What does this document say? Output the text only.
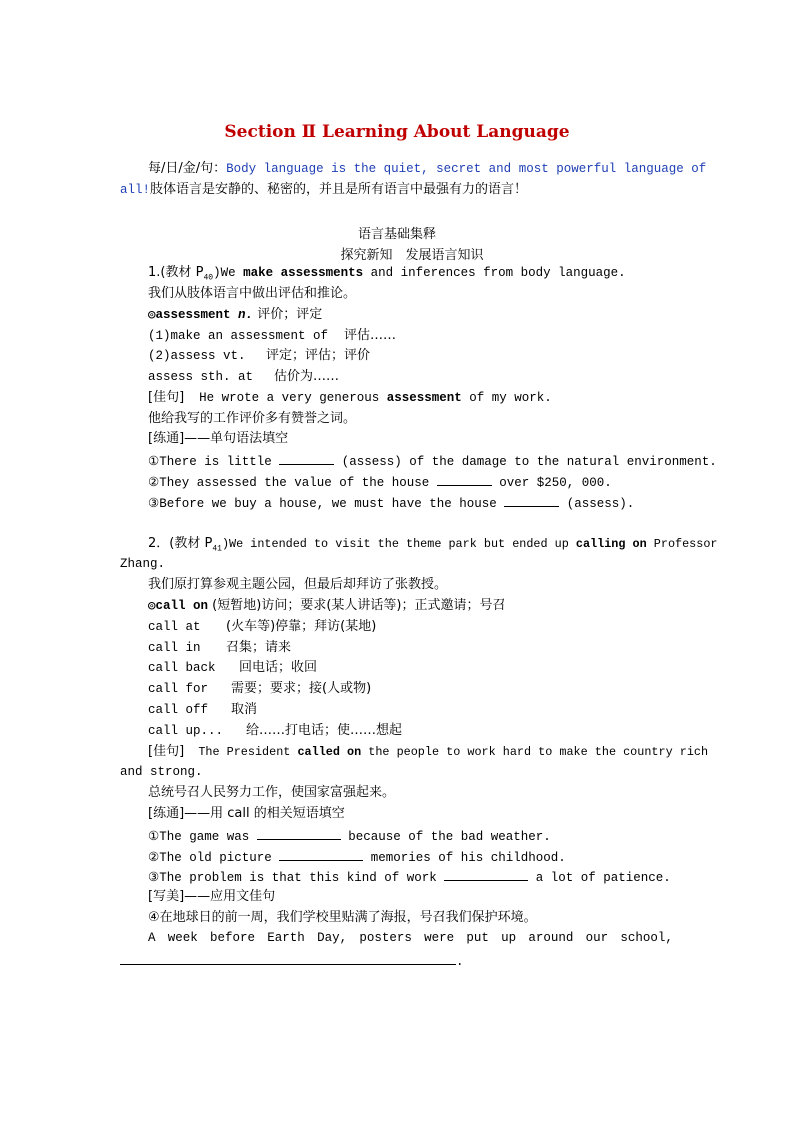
Section Ⅱ Learning About Language
每/日/金/句：Body language is the quiet, secret and most powerful language of
all!肢体语言是安静的、秘密的，并且是所有语言中最强有力的语言！
语言基础集释
探究新知　发展语言知识
1.(教材 $P_{40})We$ make assessments and inferences from body language.
我们从肢体语言中做出评估和推论。
◎assessment n. 评价；评定
(1)make an assessment of 评估……
(2)assess vt. 评定；评估；评价
assess sth. at 估价为……
[佳句] He wrote a very generous assessment of my work.
他给我写的工作评价多有赞誉之词。
[练通]——单句语法填空
①There is little	(assess) of the damage to the natural environment.
②They assessed the value of the house	over $250, 000.
③Before we buy a house, we must have the house	(assess).
2．(教材 $P_{41})We$ intended to visit the theme park but ended up calling on Professor
Zhang.
我们原打算参观主题公园，但最后却拜访了张教授。
◎call on (短暂地)访问；要求(某人讲话等)；正式邀请；号召
call at (火车等)停靠；拜访(某地)
call in 召集；请来
call back 回电话；收回
call for 需要；要求；接(人或物)
call off 取消
call up... 给……打电话；使……想起
[佳句] The President called on the people to work hard to make the country rich
and strong.
总统号召人民努力工作，使国家富强起来。
[练通]——用 call 的相关短语填空
①The game was	because of the bad weather.
②The old picture	memories of his childhood.
③The problem is that this kind of work	a lot of patience.
[写美]——应用文佳句
④在地球日的前一周，我们学校里贴满了海报，号召我们保护环境。
A week before Earth Day, posters were put up around our school,
.
